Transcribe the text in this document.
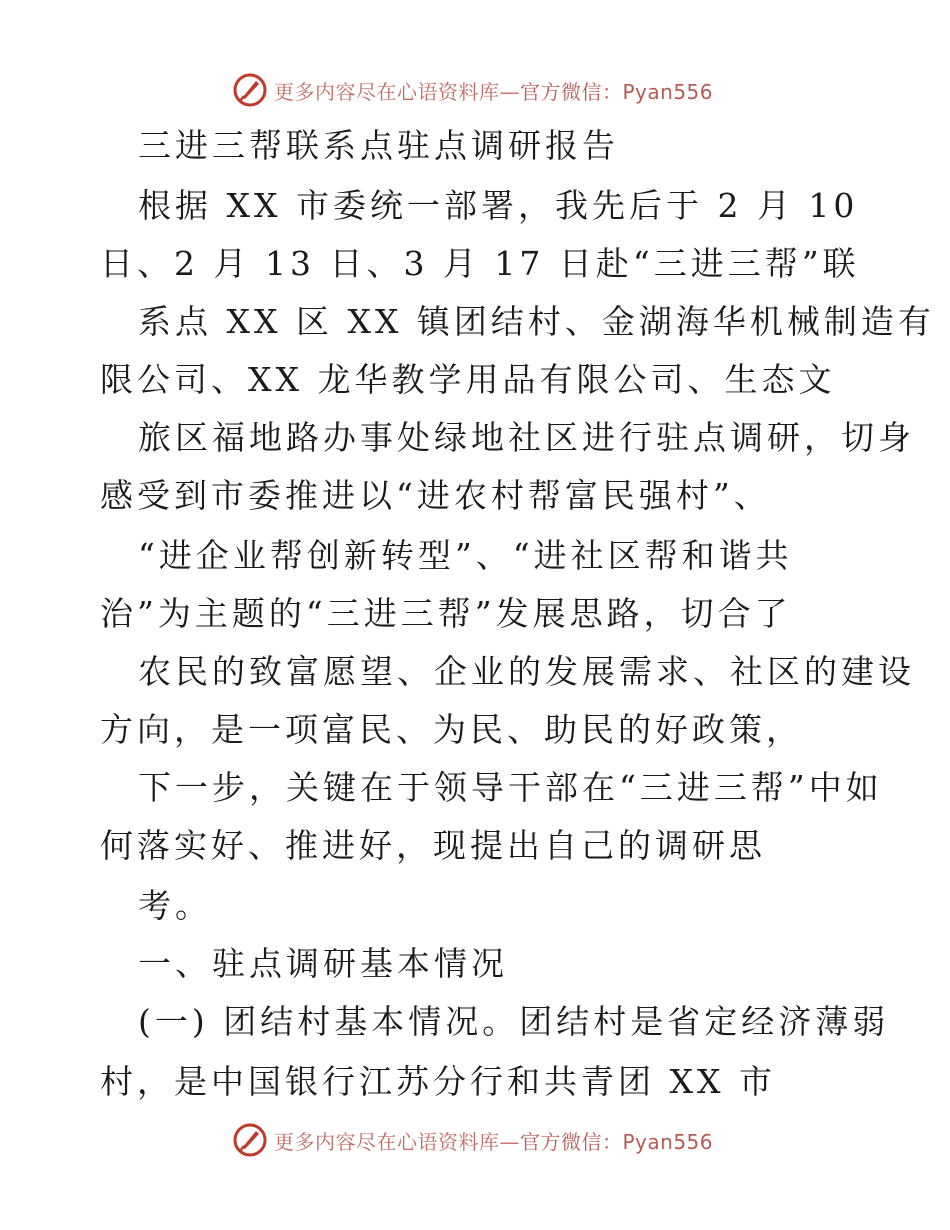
更多内容尽在心语资料库—官方微信：Pyan556
三进三帮联系点驻点调研报告
根据 XX 市委统一部署，我先后于 2 月 10
日、2 月 13 日、3 月 17 日赴“三进三帮”联
系点 XX 区 XX 镇团结村、金湖海华机械制造有
限公司、XX 龙华教学用品有限公司、生态文
旅区福地路办事处绿地社区进行驻点调研，切身
感受到市委推进以“进农村帮富民强村”、
“进企业帮创新转型”、“进社区帮和谐共
治”为主题的“三进三帮”发展思路，切合了
农民的致富愿望、企业的发展需求、社区的建设
方向，是一项富民、为民、助民的好政策，
下一步，关键在于领导干部在“三进三帮”中如
何落实好、推进好，现提出自己的调研思
考。
一、驻点调研基本情况
(一) 团结村基本情况。团结村是省定经济薄弱
村，是中国银行江苏分行和共青团 XX 市
更多内容尽在心语资料库—官方微信：Pyan556
